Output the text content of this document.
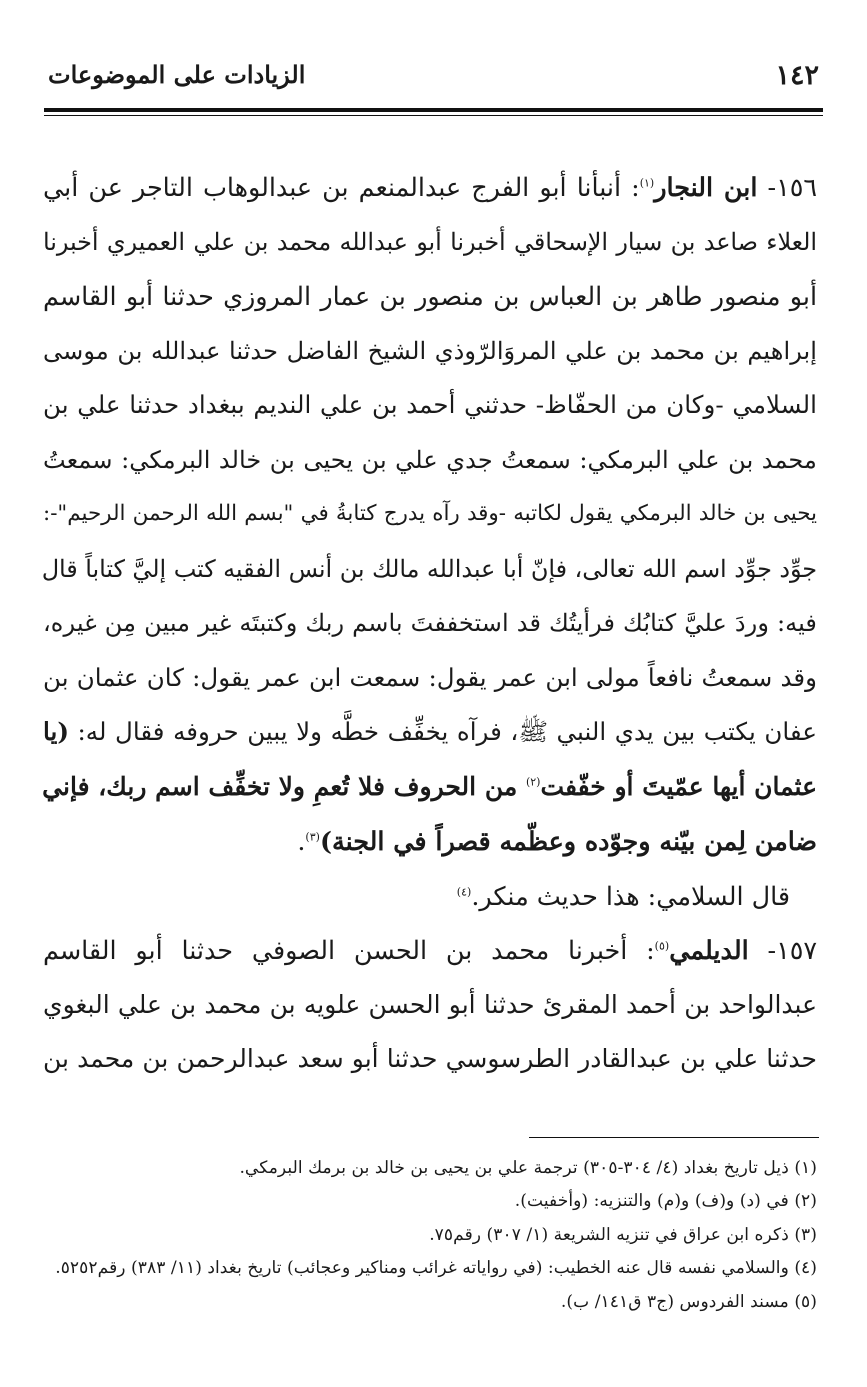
١٤٢
الزيادات على الموضوعات
١٥٦- ابن النجار$^{(١)}$: أنبأنا أبو الفرج عبدالمنعم بن عبدالوهاب التاجر عن أبي
العلاء صاعد بن سيار الإسحاقي أخبرنا أبو عبدالله محمد بن علي العميري أخبرنا
أبو منصور طاهر بن العباس بن منصور بن عمار المروزي حدثنا أبو القاسم
إبراهيم بن محمد بن علي المروَالرّوذي الشيخ الفاضل حدثنا عبدالله بن موسى
السلامي -وكان من الحفّاظ- حدثني أحمد بن علي النديم ببغداد حدثنا علي بن
محمد بن علي البرمكي: سمعتُ جدي علي بن يحيى بن خالد البرمكي: سمعتُ
يحيى بن خالد البرمكي يقول لكاتبه -وقد رآه يدرج كتابةُ في "بسم الله الرحمن الرحيم"-:
جوِّد جوِّد اسم الله تعالى، فإنّ أبا عبدالله مالك بن أنس الفقيه كتب إليَّ كتاباً قال
فيه: وردَ عليَّ كتابُك فرأيتُك قد استخففتَ باسم ربك وكتبتَه غير مبين مِن غيره،
وقد سمعتُ نافعاً مولى ابن عمر يقول: سمعت ابن عمر يقول: كان عثمان بن
عفان يكتب بين يدي النبي ﷺ، فرآه يخفِّف خطَّه ولا يبين حروفه فقال له: (يا
عثمان أيها عمّيتَ أو خفّفت$^{(٢)}$ من الحروف فلا تُعمِ ولا تخفِّف اسم ربك، فإني
ضامن لِمن بيّنه وجوّده وعظّمه قصراً في الجنة)$^{(٣)}$.
قال السلامي: هذا حديث منكر.$^{(٤)}$
١٥٧- الديلمي$^{(٥)}$: أخبرنا محمد بن الحسن الصوفي حدثنا أبو القاسم
عبدالواحد بن أحمد المقرئ حدثنا أبو الحسن علويه بن محمد بن علي البغوي
حدثنا علي بن عبدالقادر الطرسوسي حدثنا أبو سعد عبدالرحمن بن محمد بن
(١) ذيل تاريخ بغداد (٤/ ٣٠٤-٣٠٥) ترجمة علي بن يحيى بن خالد بن برمك البرمكي.
(٢) في (د) و(ف) و(م) والتنزيه: (وأخفيت).
(٣) ذكره ابن عراق في تنزيه الشريعة (١/ ٣٠٧) رقم٧٥.
(٤) والسلامي نفسه قال عنه الخطيب: (في رواياته غرائب ومناكير وعجائب) تاريخ بغداد (١١/ ٣٨٣) رقم٥٢٥٢.
(٥) مسند الفردوس (ج٣ ق١٤١/ ب).
